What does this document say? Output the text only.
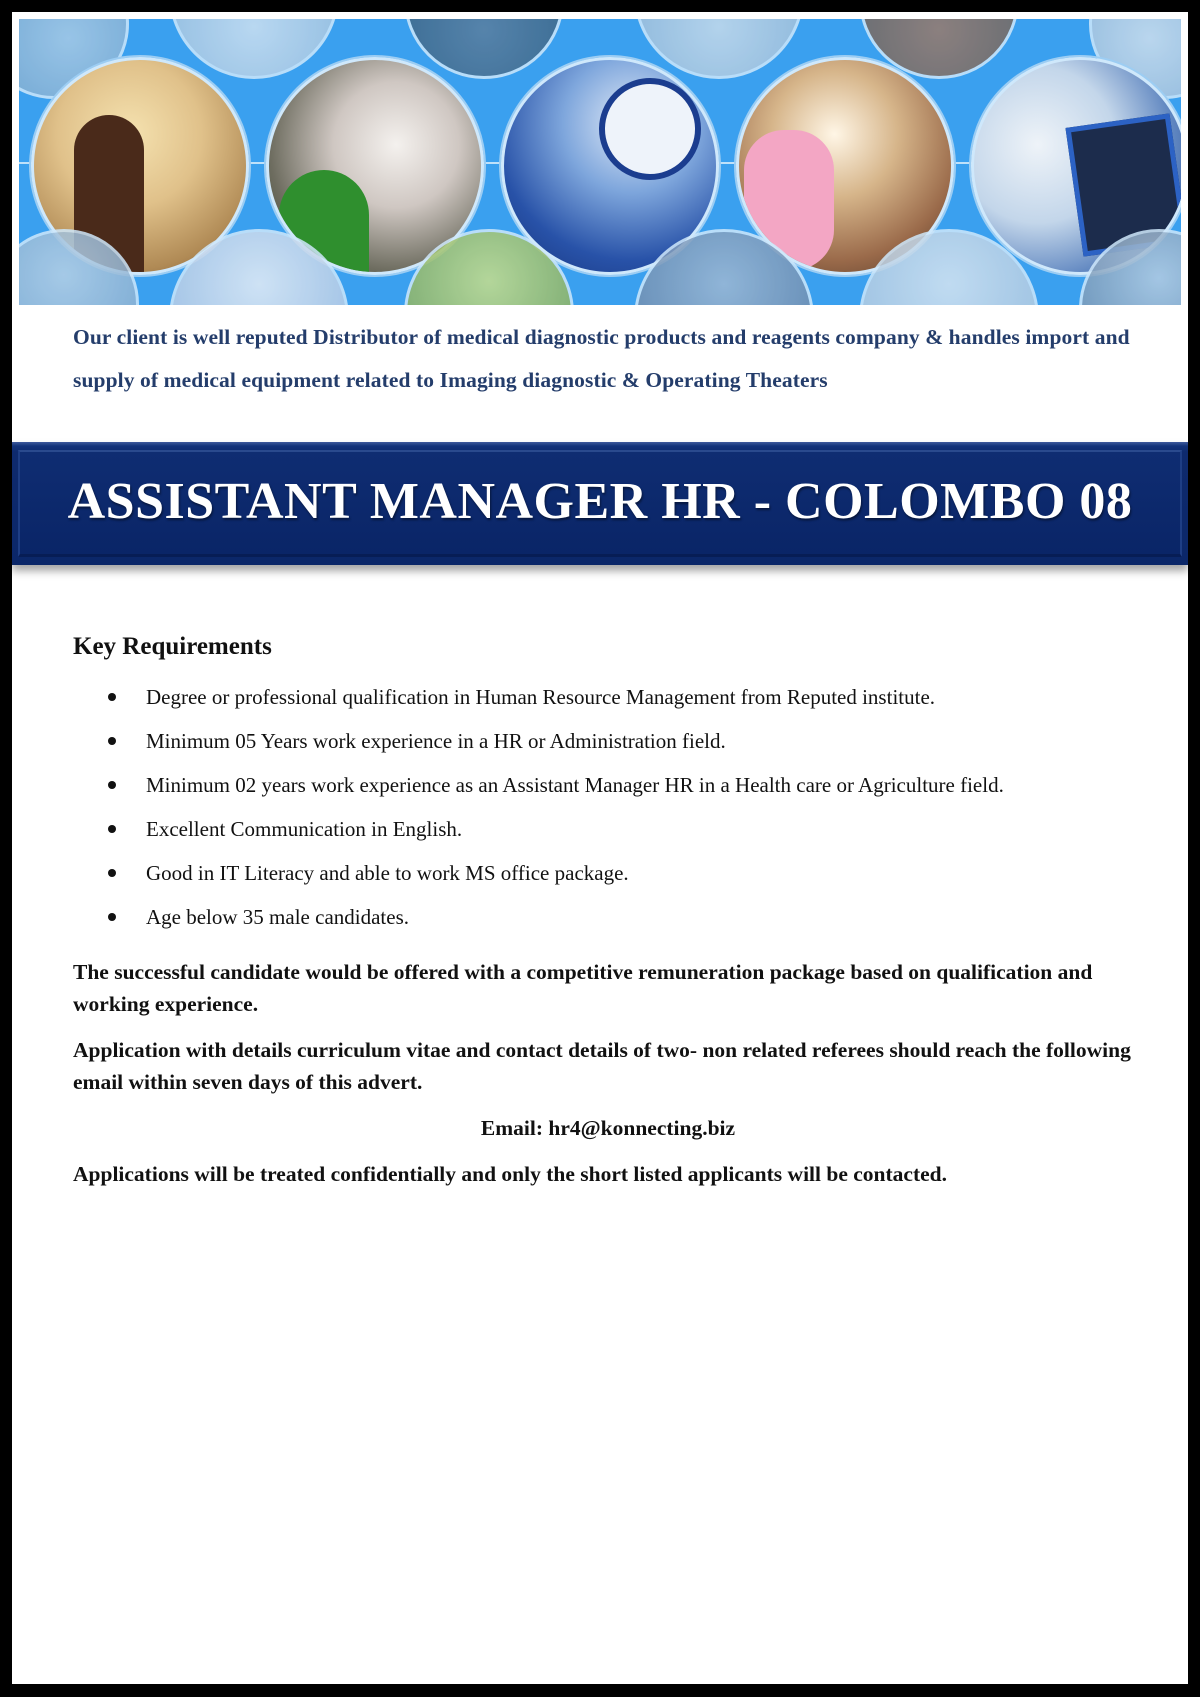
Our client is well reputed Distributor of medical diagnostic products and reagents company & handles import and supply of medical equipment related to Imaging diagnostic & Operating Theaters
ASSISTANT MANAGER HR - COLOMBO 08
Key Requirements
Degree or professional qualification in Human Resource Management from Reputed institute.
Minimum 05 Years work experience in a HR or Administration field.
Minimum 02 years work experience as an Assistant Manager HR in a Health care or Agriculture field.
Excellent Communication in English.
Good in IT Literacy and able to work MS office package.
Age below 35 male candidates.

The successful candidate would be offered with a competitive remuneration package based on qualification and working experience.

Application with details curriculum vitae and contact details of two- non related referees should reach the following email within seven days of this advert.

Email: hr4@konnecting.biz

Applications will be treated confidentially and only the short listed applicants will be contacted.
